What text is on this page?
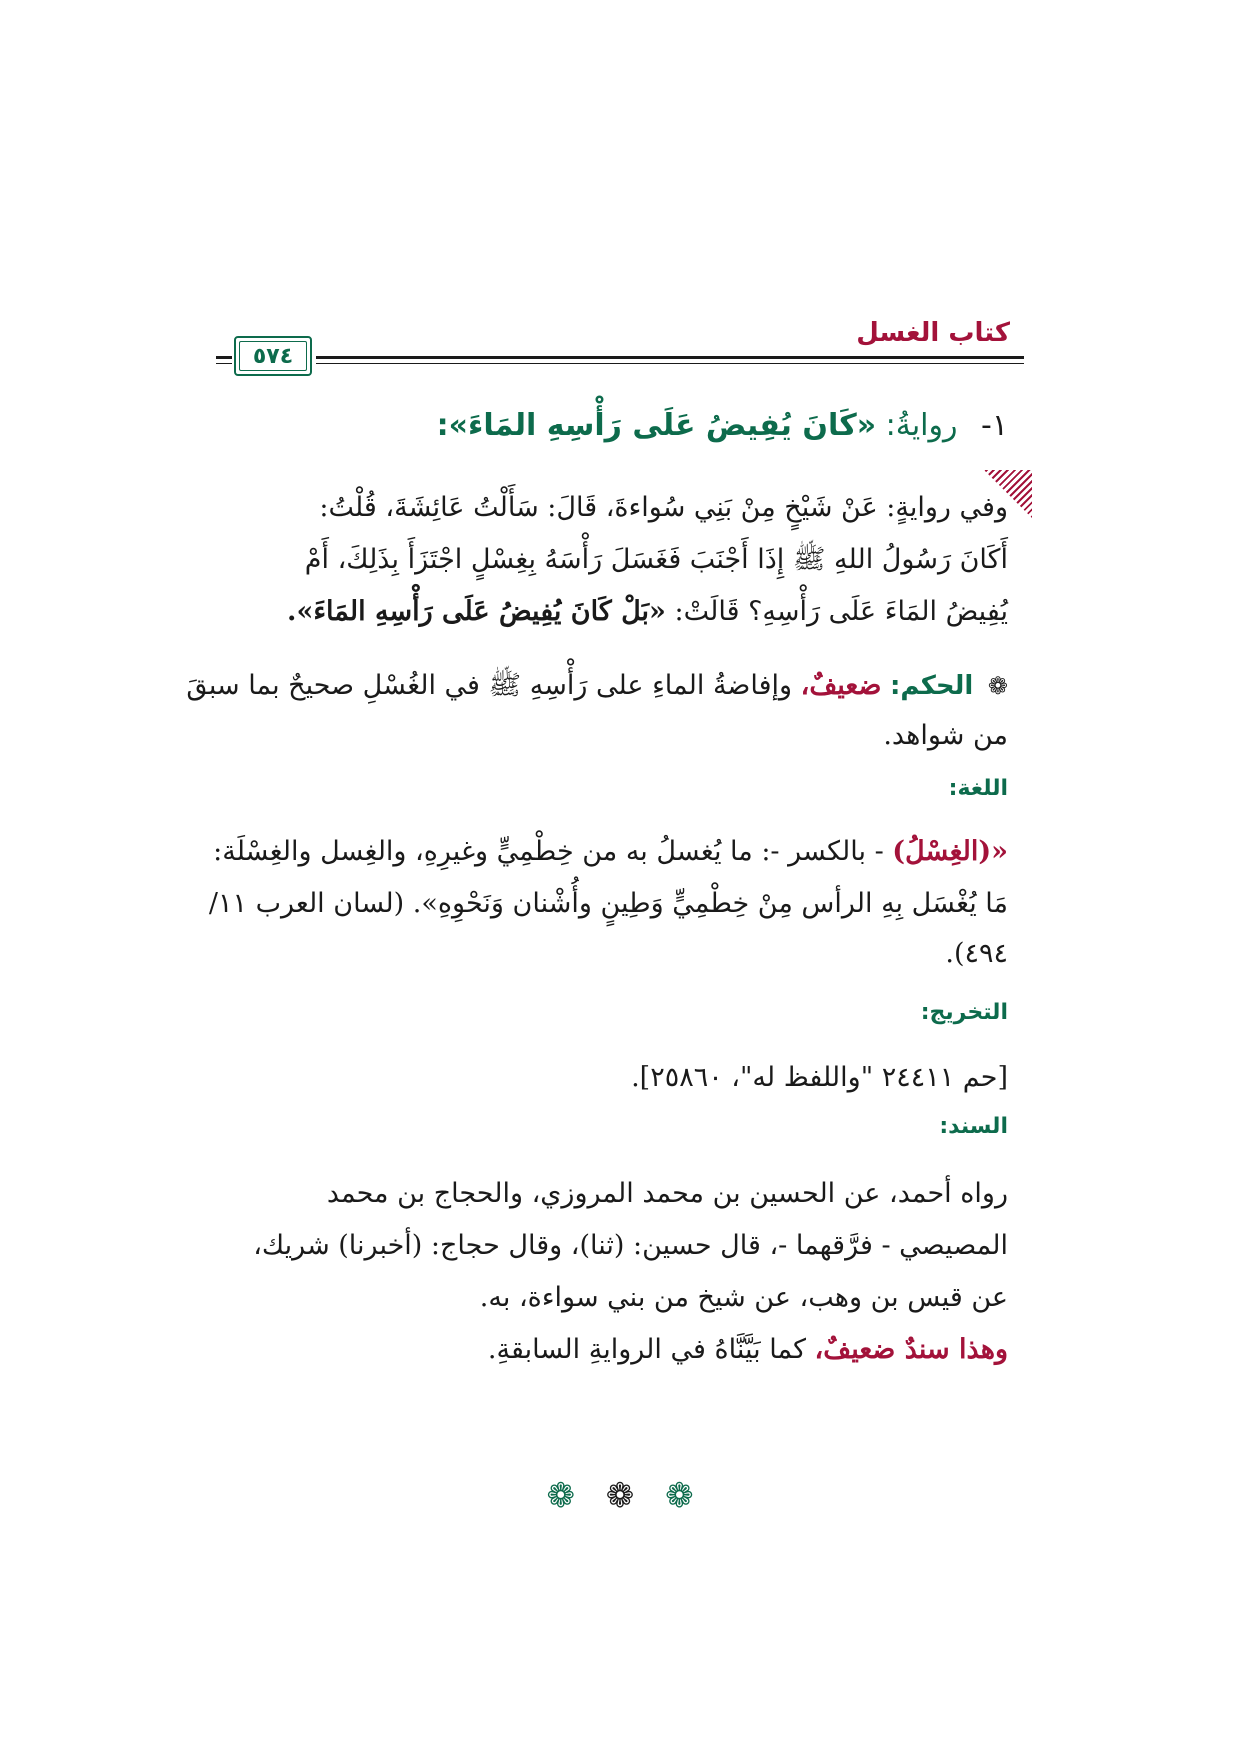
كتاب الغسل
٥٧٤
١- روايةُ: «كَانَ يُفِيضُ عَلَى رَأْسِهِ المَاءَ»:
وفي روايةٍ: عَنْ شَيْخٍ مِنْ بَنِي سُواءةَ، قَالَ: سَأَلْتُ عَائِشَةَ، قُلْتُ:
أَكَانَ رَسُولُ اللهِ ﷺ إِذَا أَجْنَبَ فَغَسَلَ رَأْسَهُ بِغِسْلٍ اجْتَزَأَ بِذَلِكَ، أَمْ
يُفِيضُ المَاءَ عَلَى رَأْسِهِ؟ قَالَتْ: «بَلْ كَانَ يُفِيضُ عَلَى رَأْسِهِ المَاءَ».
❁ الحكم: ضعيفٌ، وإفاضةُ الماءِ على رَأْسِهِ ﷺ في الغُسْلِ صحيحٌ بما سبقَ
من شواهد.
اللغة:
«(الغِسْلُ) - بالكسر -: ما يُغسلُ به من خِطْمِيٍّ وغيرِهِ، والغِسل والغِسْلَة:
مَا يُغْسَل بِهِ الرأس مِنْ خِطْمِيٍّ وَطِينٍ وأُشْنان وَنَحْوِهِ». (لسان العرب ١١/
٤٩٤).
التخريج:
[حم ٢٤٤١١ "واللفظ له"، ٢٥٨٦٠].
السند:
رواه أحمد، عن الحسين بن محمد المروزي، والحجاج بن محمد
المصيصي - فرَّقهما -، قال حسين: (ثنا)، وقال حجاج: (أخبرنا) شريك،
عن قيس بن وهب، عن شيخ من بني سواءة، به.
وهذا سندٌ ضعيفٌ، كما بَيَّنَّاهُ في الروايةِ السابقةِ.
❁ ❁ ❁
